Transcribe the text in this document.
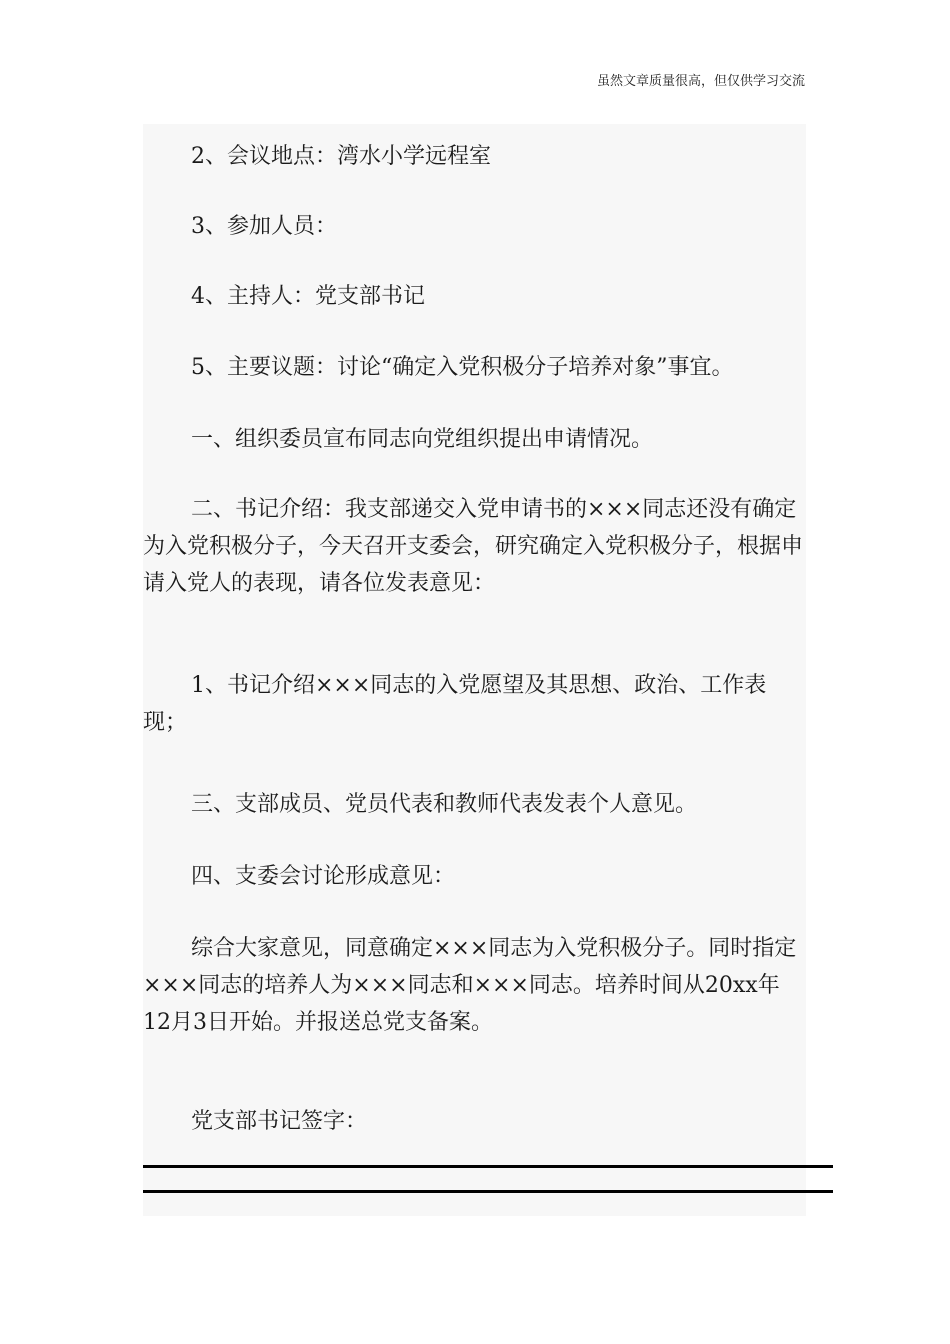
虽然文章质量很高，但仅供学习交流

2、会议地点：湾水小学远程室

3、参加人员：

4、主持人：党支部书记

5、主要议题：讨论“确定入党积极分子培养对象”事宜。

一、组织委员宣布同志向党组织提出申请情况。

二、书记介绍：我支部递交入党申请书的×××同志还没有确定为入党积极分子，今天召开支委会，研究确定入党积极分子，根据申请入党人的表现，请各位发表意见：

1、书记介绍×××同志的入党愿望及其思想、政治、工作表现；

三、支部成员、党员代表和教师代表发表个人意见。

四、支委会讨论形成意见：

综合大家意见，同意确定×××同志为入党积极分子。同时指定×××同志的培养人为×××同志和×××同志。培养时间从20xx年12月3日开始。并报送总党支备案。

党支部书记签字：
